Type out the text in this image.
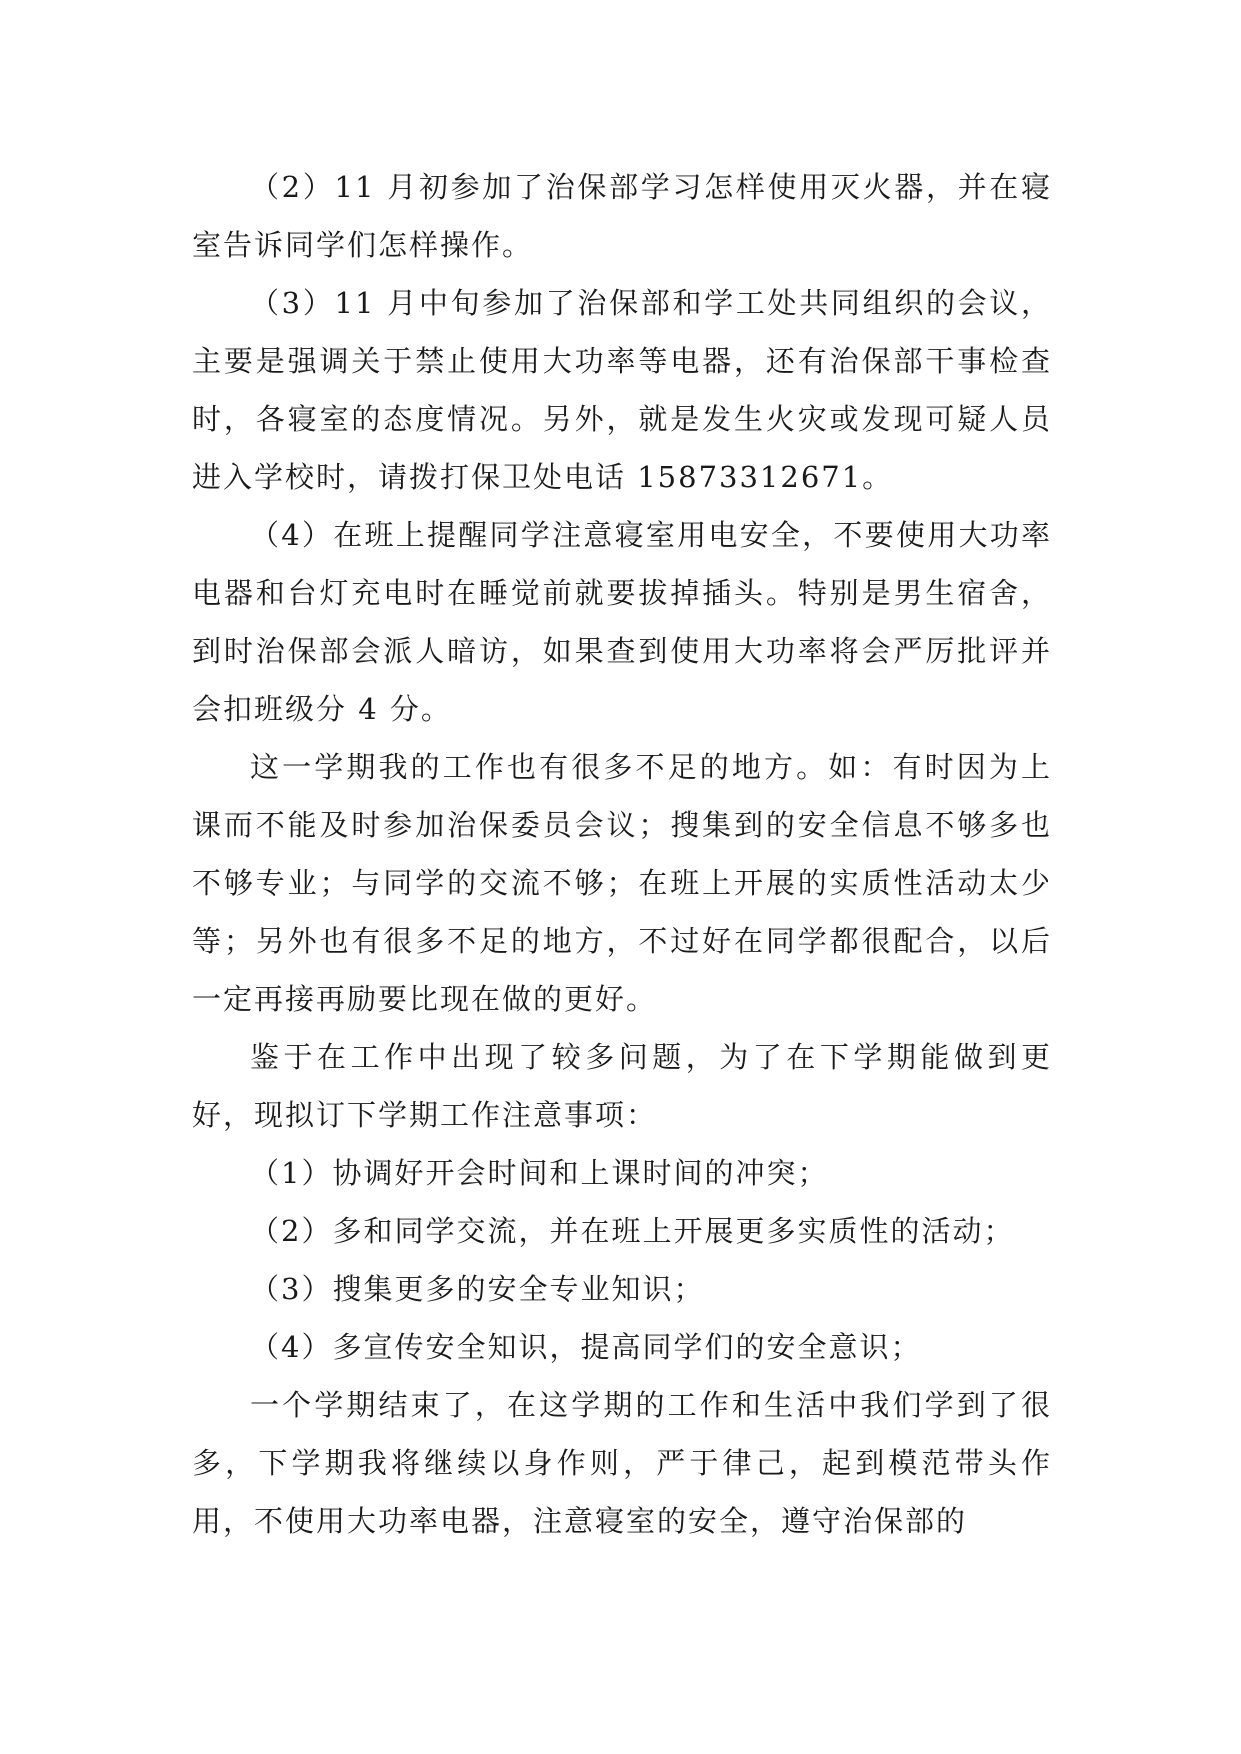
（2）11 月初参加了治保部学习怎样使用灭火器，并在寝室告诉同学们怎样操作。

（3）11 月中旬参加了治保部和学工处共同组织的会议，主要是强调关于禁止使用大功率等电器，还有治保部干事检查时，各寝室的态度情况。另外，就是发生火灾或发现可疑人员进入学校时，请拨打保卫处电话 15873312671。

（4）在班上提醒同学注意寝室用电安全，不要使用大功率电器和台灯充电时在睡觉前就要拔掉插头。特别是男生宿舍，到时治保部会派人暗访，如果查到使用大功率将会严厉批评并会扣班级分 4 分。

这一学期我的工作也有很多不足的地方。如：有时因为上课而不能及时参加治保委员会议；搜集到的安全信息不够多也不够专业；与同学的交流不够；在班上开展的实质性活动太少等；另外也有很多不足的地方，不过好在同学都很配合，以后一定再接再励要比现在做的更好。

鉴于在工作中出现了较多问题，为了在下学期能做到更好，现拟订下学期工作注意事项：

（1）协调好开会时间和上课时间的冲突；

（2）多和同学交流，并在班上开展更多实质性的活动；

（3）搜集更多的安全专业知识；

（4）多宣传安全知识，提高同学们的安全意识；

一个学期结束了，在这学期的工作和生活中我们学到了很多，下学期我将继续以身作则，严于律己，起到模范带头作用，不使用大功率电器，注意寝室的安全，遵守治保部的
